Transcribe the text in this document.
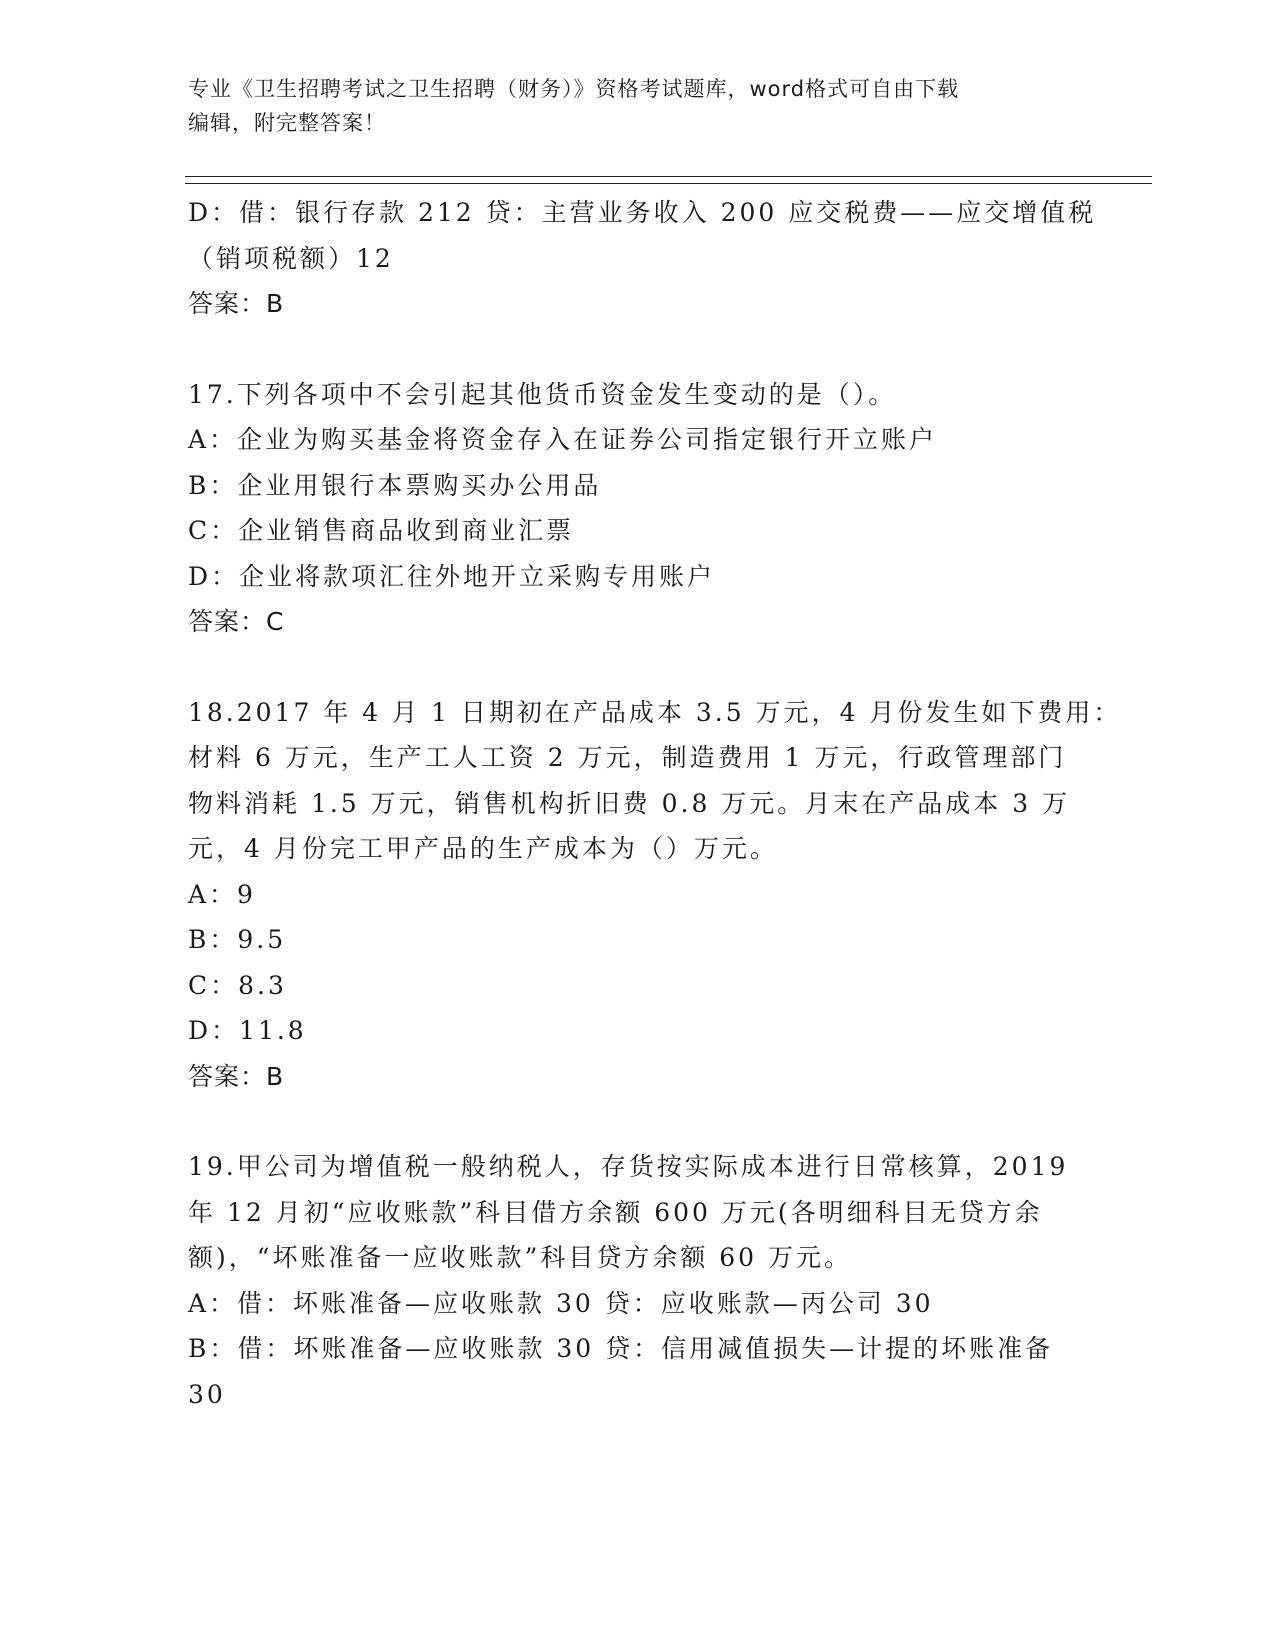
专业《卫生招聘考试之卫生招聘（财务）》资格考试题库，word格式可自由下载
编辑，附完整答案！
D：借：银行存款 212 贷：主营业务收入 200 应交税费——应交增值税
（销项税额）12
答案：B
17.下列各项中不会引起其他货币资金发生变动的是（）。
A：企业为购买基金将资金存入在证券公司指定银行开立账户
B：企业用银行本票购买办公用品
C：企业销售商品收到商业汇票
D：企业将款项汇往外地开立采购专用账户
答案：C
18.2017 年 4 月 1 日期初在产品成本 3.5 万元，4 月份发生如下费用：
材料 6 万元，生产工人工资 2 万元，制造费用 1 万元，行政管理部门
物料消耗 1.5 万元，销售机构折旧费 0.8 万元。月末在产品成本 3 万
元，4 月份完工甲产品的生产成本为（）万元。
A：9
B：9.5
C：8.3
D：11.8
答案：B
19.甲公司为增值税一般纳税人，存货按实际成本进行日常核算，2019
年 12 月初“应收账款”科目借方余额 600 万元(各明细科目无贷方余
额)，“坏账准备一应收账款”科目贷方余额 60 万元。
A：借：坏账准备—应收账款 30 贷：应收账款—丙公司 30
B：借：坏账准备—应收账款 30 贷：信用减值损失—计提的坏账准备
30
